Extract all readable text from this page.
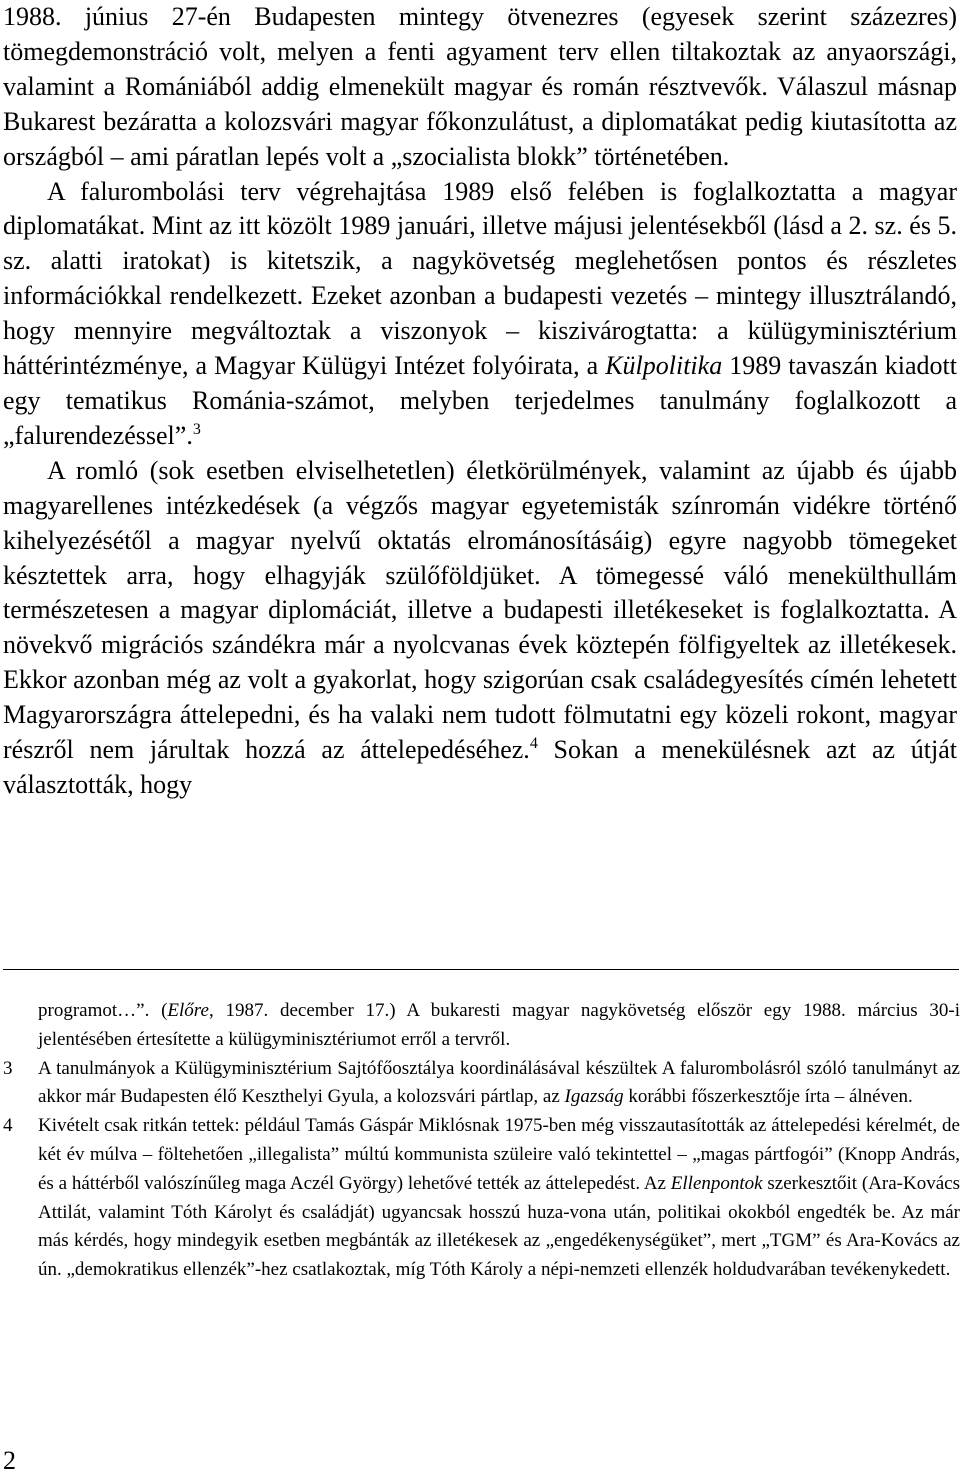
1988. június 27-én Budapesten mintegy ötvenezres (egyesek szerint százezres) tömegdemonstráció volt, melyen a fenti agyament terv ellen tiltakoztak az anyaországi, valamint a Romániából addig elmenekült magyar és román résztvevők. Válaszul másnap Bukarest bezáratta a kolozsvári magyar főkonzulátust, a diplomatákat pedig kiutasította az országból – ami páratlan lepés volt a „szocialista blokk” történetében.

A falurombolási terv végrehajtása 1989 első felében is foglalkoztatta a magyar diplomatákat. Mint az itt közölt 1989 januári, illetve májusi jelentésekből (lásd a 2. sz. és 5. sz. alatti iratokat) is kitetszik, a nagykövetség meglehetősen pontos és részletes információkkal rendelkezett. Ezeket azonban a budapesti vezetés – mintegy illusztrálandó, hogy mennyire megváltoztak a viszonyok – kiszivárogtatta: a külügyminisztérium háttérintézménye, a Magyar Külügyi Intézet folyóirata, a Külpolitika 1989 tavaszán kiadott egy tematikus Románia-számot, melyben terjedelmes tanulmány foglalkozott a „falurendezéssel”.$^3$

A romló (sok esetben elviselhetetlen) életkörülmények, valamint az újabb és újabb magyarellenes intézkedések (a végzős magyar egyetemisták színromán vidékre történő kihelyezésétől a magyar nyelvű oktatás elrománosításáig) egyre nagyobb tömegeket késztettek arra, hogy elhagyják szülőföldjüket. A tömegessé váló menekülthullám természetesen a magyar diplomáciát, illetve a budapesti illetékeseket is foglalkoztatta. A növekvő migrációs szándékra már a nyolcvanas évek köztepén fölfigyeltek az illetékesek. Ekkor azonban még az volt a gyakorlat, hogy szigorúan csak családegyesítés címén lehetett Magyarországra áttelepedni, és ha valaki nem tudott fölmutatni egy közeli rokont, magyar részről nem járultak hozzá az áttelepedéséhez.$^4$ Sokan a menekülésnek azt az útját választották, hogy

programot…”. (Előre, 1987. december 17.) A bukaresti magyar nagykövetség először egy 1988. március 30-i jelentésében értesítette a külügyminisztériumot erről a tervről.

3 A tanulmányok a Külügyminisztérium Sajtófőosztálya koordinálásával készültek A falurombolásról szóló tanulmányt az akkor már Budapesten élő Keszthelyi Gyula, a kolozsvári pártlap, az Igazság korábbi főszerkesztője írta – álnéven.

4 Kivételt csak ritkán tettek: például Tamás Gáspár Miklósnak 1975-ben még visszautasították az áttelepedési kérelmét, de két év múlva – föltehetően „illegalista” múltú kommunista szüleire való tekintettel – „magas pártfogói” (Knopp András, és a háttérből valószínűleg maga Aczél György) lehetővé tették az áttelepedést. Az Ellenpontok szerkesztőit (Ara-Kovács Attilát, valamint Tóth Károlyt és családját) ugyancsak hosszú huza-vona után, politikai okokból engedték be. Az már más kérdés, hogy mindegyik esetben megbánták az illetékesek az „engedékenységüket”, mert „TGM” és Ara-Kovács az ún. „demokratikus ellenzék”-hez csatlakoztak, míg Tóth Károly a népi-nemzeti ellenzék holdudvarában tevékenykedett.

2
